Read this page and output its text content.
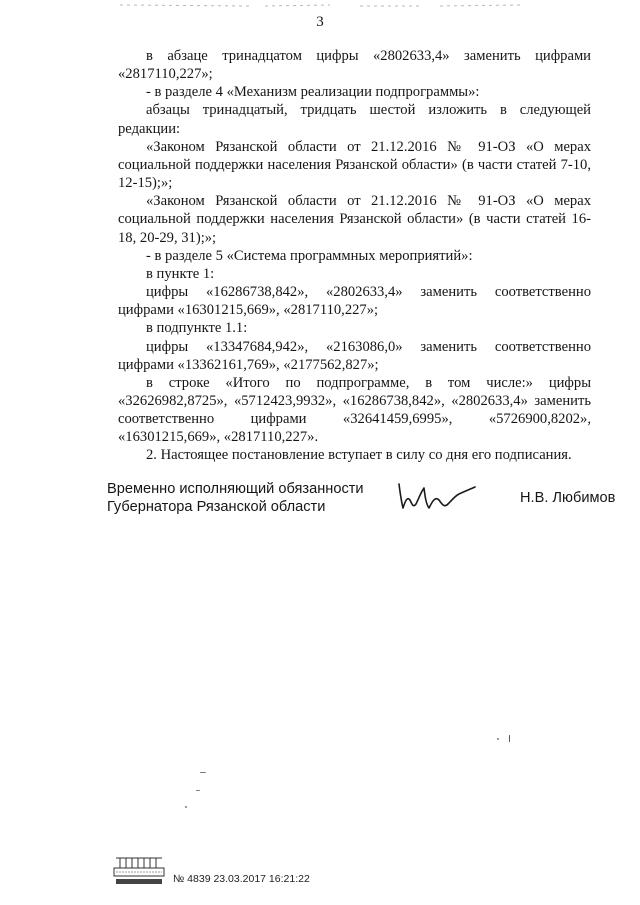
3

в абзаце тринадцатом цифры «2802633,4» заменить цифрами «2817110,227»;

- в разделе 4 «Механизм реализации подпрограммы»:

абзацы тринадцатый, тридцать шестой изложить в следующей редакции:

«Законом Рязанской области от 21.12.2016 № 91-ОЗ «О мерах социальной поддержки населения Рязанской области» (в части статей 7-10, 12-15);»;

«Законом Рязанской области от 21.12.2016 № 91-ОЗ «О мерах социальной поддержки населения Рязанской области» (в части статей 16-18, 20-29, 31);»;

- в разделе 5 «Система программных мероприятий»:

в пункте 1:

цифры «16286738,842», «2802633,4» заменить соответственно цифрами «16301215,669», «2817110,227»;

в подпункте 1.1:

цифры «13347684,942», «2163086,0» заменить соответственно цифрами «13362161,769», «2177562,827»;

в строке «Итого по подпрограмме, в том числе:» цифры «32626982,8725», «5712423,9932», «16286738,842», «2802633,4» заменить соответственно цифрами «32641459,6995», «5726900,8202», «16301215,669», «2817110,227».

2. Настоящее постановление вступает в силу со дня его подписания.

Временно исполняющий обязанности
Губернатора Рязанской области
Н.В. Любимов
№ 4839 23.03.2017 16:21:22
